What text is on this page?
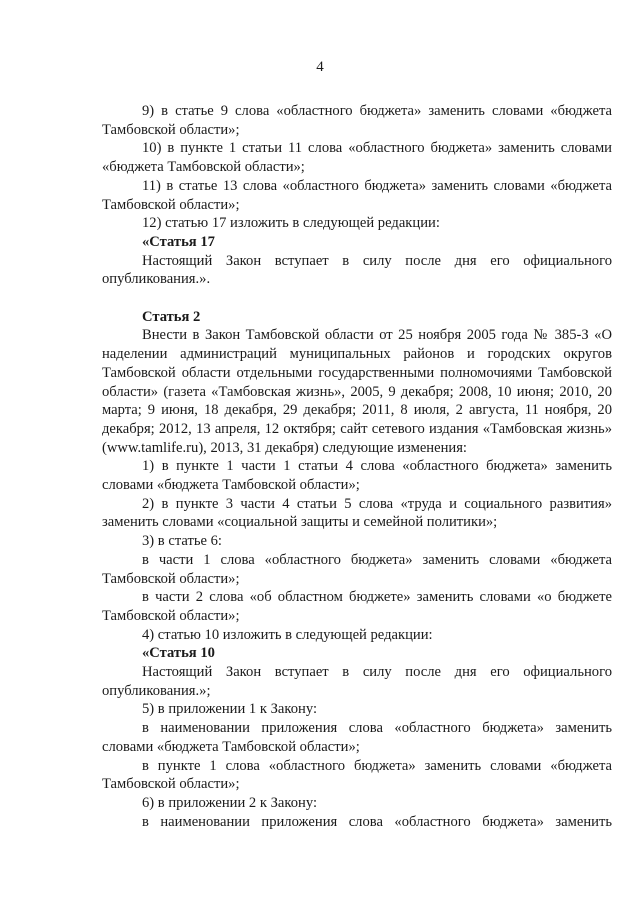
4

9) в статье 9 слова «областного бюджета» заменить словами «бюджета Тамбовской области»;

10) в пункте 1 статьи 11 слова «областного бюджета» заменить словами «бюджета Тамбовской области»;

11) в статье 13 слова «областного бюджета» заменить словами «бюджета Тамбовской области»;

12) статью 17 изложить в следующей редакции:

«Статья 17

Настоящий Закон вступает в силу после дня его официального опубликования.».

Статья 2

Внести в Закон Тамбовской области от 25 ноября 2005 года № 385-З «О наделении администраций муниципальных районов и городских округов Тамбовской области отдельными государственными полномочиями Тамбовской области» (газета «Тамбовская жизнь», 2005, 9 декабря; 2008, 10 июня; 2010, 20 марта; 9 июня, 18 декабря, 29 декабря; 2011, 8 июля, 2 августа, 11 ноября, 20 декабря; 2012, 13 апреля, 12 октября; сайт сетевого издания «Тамбовская жизнь» (www.tamlife.ru), 2013, 31 декабря) следующие изменения:

1) в пункте 1 части 1 статьи 4 слова «областного бюджета» заменить словами «бюджета Тамбовской области»;

2) в пункте 3 части 4 статьи 5 слова «труда и социального развития» заменить словами «социальной защиты и семейной политики»;

3) в статье 6:

в части 1 слова «областного бюджета» заменить словами «бюджета Тамбовской области»;

в части 2 слова «об областном бюджете» заменить словами «о бюджете Тамбовской области»;

4) статью 10 изложить в следующей редакции:

«Статья 10

Настоящий Закон вступает в силу после дня его официального опубликования.»;

5) в приложении 1 к Закону:

в наименовании приложения слова «областного бюджета» заменить словами «бюджета Тамбовской области»;

в пункте 1 слова «областного бюджета» заменить словами «бюджета Тамбовской области»;

6) в приложении 2 к Закону:

в наименовании приложения слова «областного бюджета» заменить
